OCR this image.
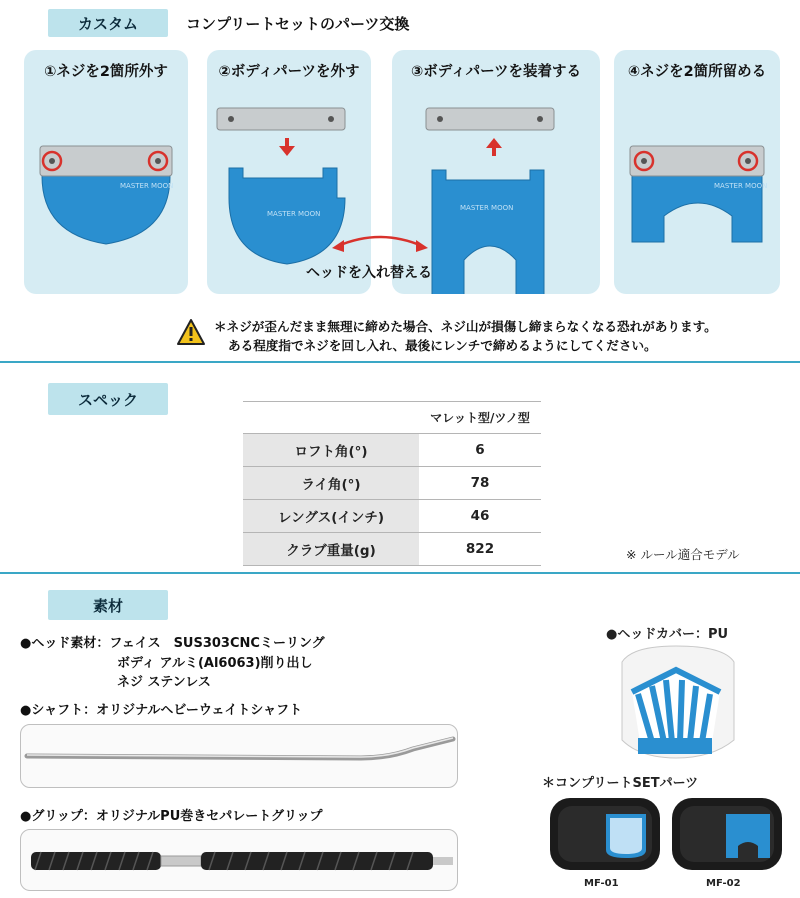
カスタム	コンプリートセットのパーツ交換
①ネジを2箇所外す
MASTER MOON
②ボディパーツを外す
MASTER MOON
③ボディパーツを装着する
MASTER MOON
ヘッドを入れ替える
④ネジを2箇所留める
MASTER MOON
＊ネジが歪んだまま無理に締めた場合、ネジ山が損傷し締まらなくなる恐れがあります。
ある程度指でネジを回し入れ、最後にレンチで締めるようにしてください。
スペック
	マレット型/ツノ型
ロフト角(°)	6
ライ角(°)	78
レングス(インチ)	46
クラブ重量(g)	822	※ ルール適合モデル
素材
●ヘッド素材：フェイス　SUS303CNCミーリング
ボディ アルミ(Al6063)削り出し
ネジ ステンレス
●シャフト：オリジナルヘビーウェイトシャフト
●グリップ：オリジナルPU巻きセパレートグリップ
●ヘッドカバー：PU
＊コンプリートSETパーツ
MF-01	MF-02
